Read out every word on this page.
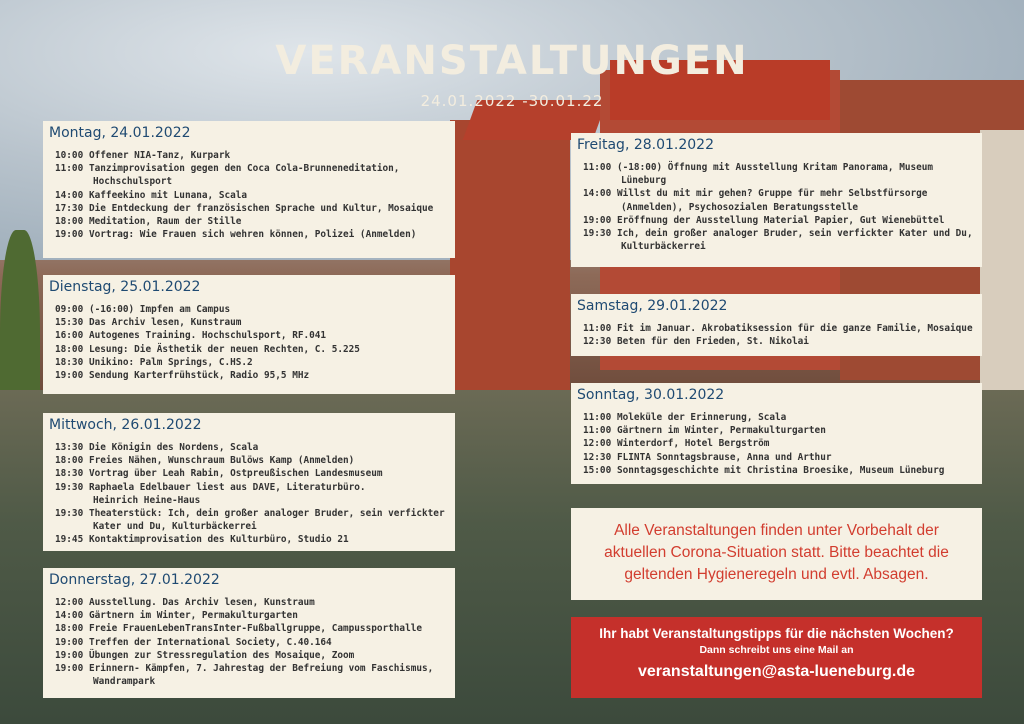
VERANSTALTUNGEN
24.01.2022 -30.01.22
Montag, 24.01.2022
10:00 Offener NIA-Tanz, Kurpark
11:00 Tanzimprovisation gegen den Coca Cola-Brunneneditation,
Hochschulsport
14:00 Kaffeekino mit Lunana, Scala
17:30 Die Entdeckung der französischen Sprache und Kultur, Mosaique
18:00 Meditation, Raum der Stille
19:00 Vortrag: Wie Frauen sich wehren können, Polizei (Anmelden)
Dienstag, 25.01.2022
09:00 (-16:00) Impfen am Campus
15:30 Das Archiv lesen, Kunstraum
16:00 Autogenes Training. Hochschulsport, RF.041
18:00 Lesung: Die Ästhetik der neuen Rechten, C. 5.225
18:30 Unikino: Palm Springs, C.HS.2
19:00 Sendung Karterfrühstück, Radio 95,5 MHz
Mittwoch, 26.01.2022
13:30 Die Königin des Nordens, Scala
18:00 Freies Nähen, Wunschraum Bulöws Kamp (Anmelden)
18:30 Vortrag über Leah Rabin, Ostpreußischen Landesmuseum
19:30 Raphaela Edelbauer liest aus DAVE, Literaturbüro.
Heinrich Heine-Haus
19:30 Theaterstück: Ich, dein großer analoger Bruder, sein verfickter
Kater und Du, Kulturbäckerrei
19:45 Kontaktimprovisation des Kulturbüro, Studio 21
Donnerstag, 27.01.2022
12:00 Ausstellung. Das Archiv lesen, Kunstraum
14:00 Gärtnern im Winter, Permakulturgarten
18:00 Freie FrauenLebenTransInter-Fußballgruppe, Campussporthalle
19:00 Treffen der International Society, C.40.164
19:00 Übungen zur Stressregulation des Mosaique, Zoom
19:00 Erinnern- Kämpfen, 7. Jahrestag der Befreiung vom Faschismus,
Wandrampark
Freitag, 28.01.2022
11:00 (-18:00) Öffnung mit Ausstellung Kritam Panorama, Museum
Lüneburg
14:00 Willst du mit mir gehen? Gruppe für mehr Selbstfürsorge
(Anmelden), Psychosozialen Beratungsstelle
19:00 Eröffnung der Ausstellung Material Papier, Gut Wienebüttel
19:30 Ich, dein großer analoger Bruder, sein verfickter Kater und Du,
Kulturbäckerrei
Samstag, 29.01.2022
11:00 Fit im Januar. Akrobatiksession für die ganze Familie, Mosaique
12:30 Beten für den Frieden, St. Nikolai
Sonntag, 30.01.2022
11:00 Moleküle der Erinnerung, Scala
11:00 Gärtnern im Winter, Permakulturgarten
12:00 Winterdorf, Hotel Bergström
12:30 FLINTA Sonntagsbrause, Anna und Arthur
15:00 Sonntagsgeschichte mit Christina Broesike, Museum Lüneburg
Alle Veranstaltungen finden unter Vorbehalt der
aktuellen Corona-Situation statt. Bitte beachtet die
geltenden Hygieneregeln und evtl. Absagen.
Ihr habt Veranstaltungstipps für die nächsten Wochen?
Dann schreibt uns eine Mail an
veranstaltungen@asta-lueneburg.de
